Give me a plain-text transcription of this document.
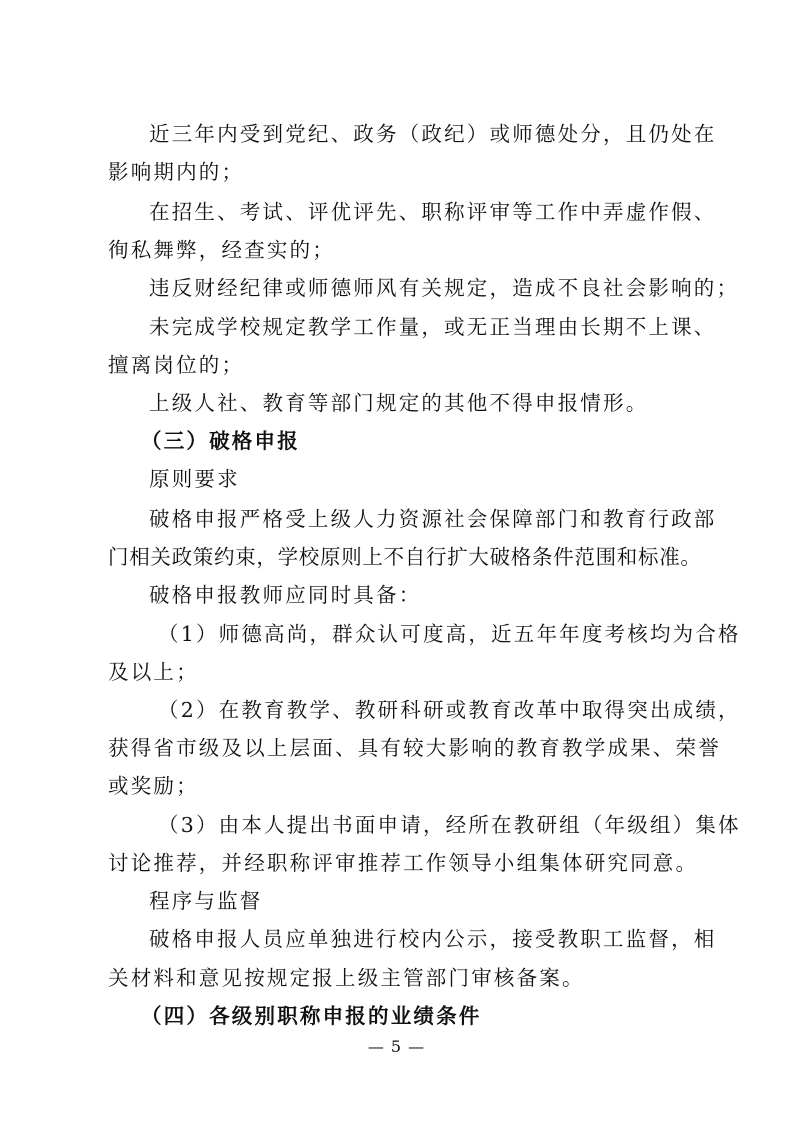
近三年内受到党纪、政务（政纪）或师德处分，且仍处在
影响期内的；
在招生、考试、评优评先、职称评审等工作中弄虚作假、
徇私舞弊，经查实的；
违反财经纪律或师德师风有关规定，造成不良社会影响的；
未完成学校规定教学工作量，或无正当理由长期不上课、
擅离岗位的；
上级人社、教育等部门规定的其他不得申报情形。
（三）破格申报
原则要求
破格申报严格受上级人力资源社会保障部门和教育行政部
门相关政策约束，学校原则上不自行扩大破格条件范围和标准。
破格申报教师应同时具备：
（1）师德高尚，群众认可度高，近五年年度考核均为合格
及以上；
（2）在教育教学、教研科研或教育改革中取得突出成绩，
获得省市级及以上层面、具有较大影响的教育教学成果、荣誉
或奖励；
（3）由本人提出书面申请，经所在教研组（年级组）集体
讨论推荐，并经职称评审推荐工作领导小组集体研究同意。
程序与监督
破格申报人员应单独进行校内公示，接受教职工监督，相
关材料和意见按规定报上级主管部门审核备案。
（四）各级别职称申报的业绩条件
— 5 —
